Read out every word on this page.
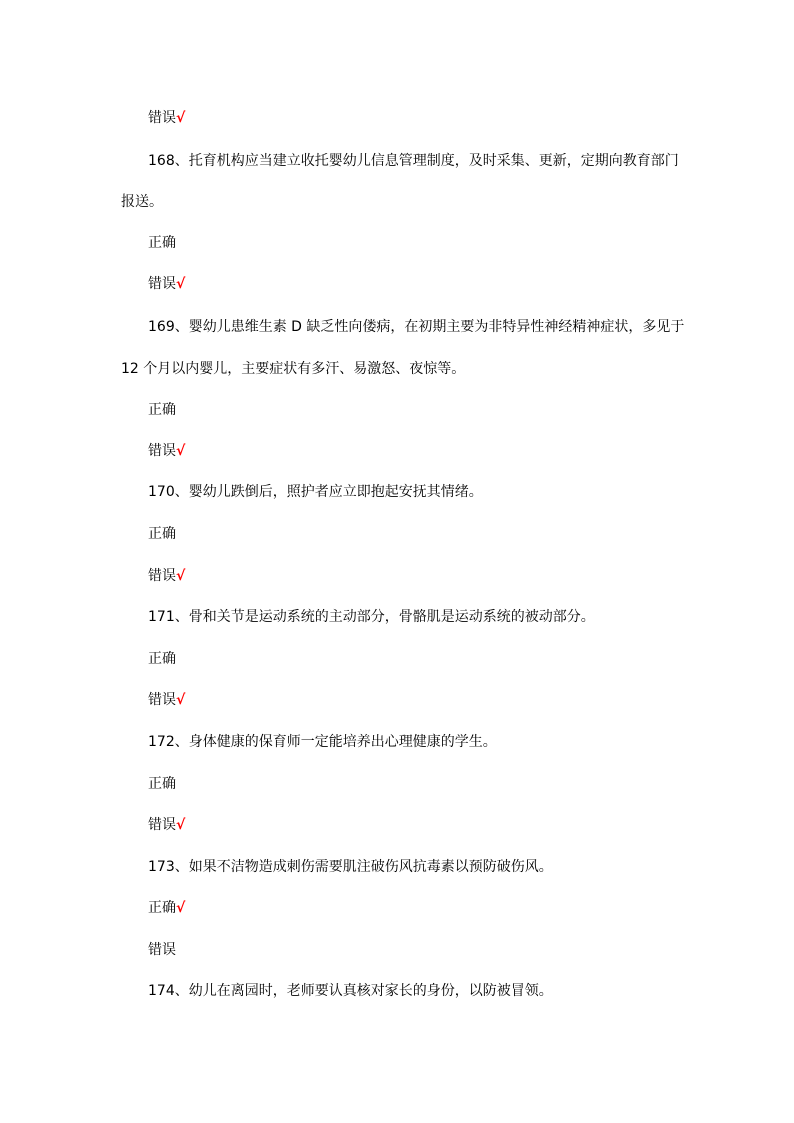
错误√
168、托育机构应当建立收托婴幼儿信息管理制度，及时采集、更新，定期向教育部门
报送。
正确
错误√
169、婴幼儿患维生素 D 缺乏性向偻病，在初期主要为非特异性神经精神症状，多见于
12 个月以内婴儿，主要症状有多汗、易激怒、夜惊等。
正确
错误√
170、婴幼儿跌倒后，照护者应立即抱起安抚其情绪。
正确
错误√
171、骨和关节是运动系统的主动部分，骨骼肌是运动系统的被动部分。
正确
错误√
172、身体健康的保育师一定能培养出心理健康的学生。
正确
错误√
173、如果不洁物造成刺伤需要肌注破伤风抗毒素以预防破伤风。
正确√
错误
174、幼儿在离园时，老师要认真核对家长的身份，以防被冒领。
